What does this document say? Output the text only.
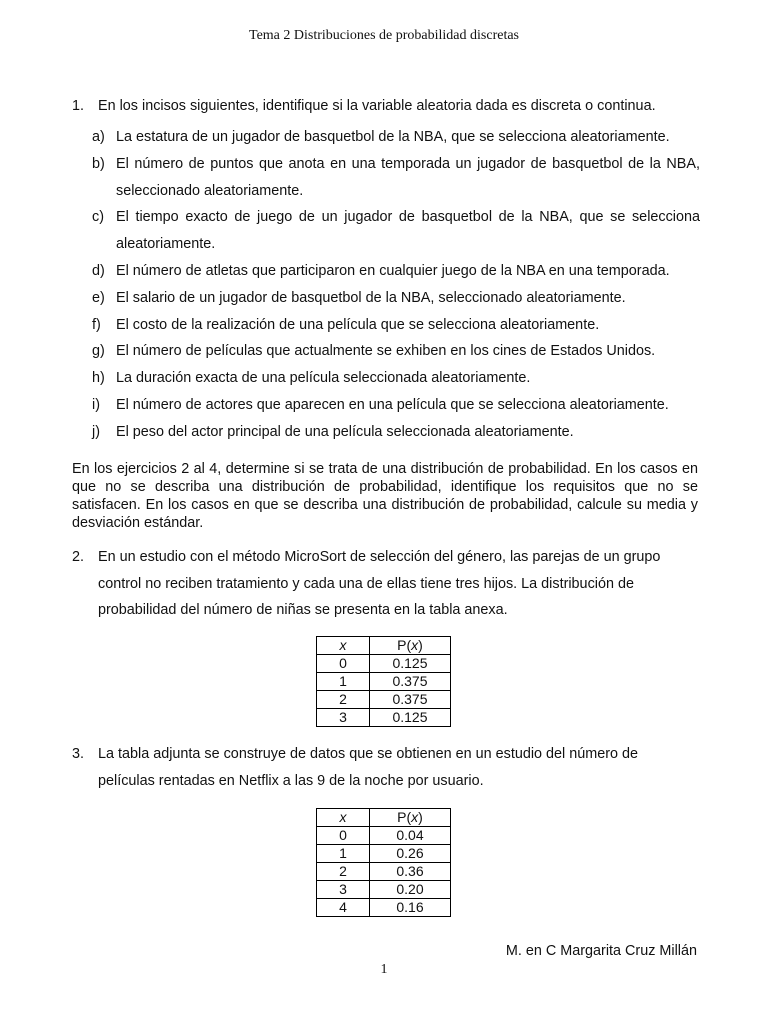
Tema 2 Distribuciones de probabilidad discretas
1. En los incisos siguientes, identifique si la variable aleatoria dada es discreta o continua.
a) La estatura de un jugador de basquetbol de la NBA, que se selecciona aleatoriamente.
b) El número de puntos que anota en una temporada un jugador de basquetbol de la NBA, seleccionado aleatoriamente.
c) El tiempo exacto de juego de un jugador de basquetbol de la NBA, que se selecciona aleatoriamente.
d) El número de atletas que participaron en cualquier juego de la NBA en una temporada.
e) El salario de un jugador de basquetbol de la NBA, seleccionado aleatoriamente.
f)	El costo de la realización de una película que se selecciona aleatoriamente.
g) El número de películas que actualmente se exhiben en los cines de Estados Unidos.
h) La duración exacta de una película seleccionada aleatoriamente.
i)	El número de actores que aparecen en una película que se selecciona aleatoriamente.
j)	El peso del actor principal de una película seleccionada aleatoriamente.
En los ejercicios 2 al 4, determine si se trata de una distribución de probabilidad. En los casos en que no se describa una distribución de probabilidad, identifique los requisitos que no se satisfacen. En los casos en que se describa una distribución de probabilidad, calcule su media y desviación estándar.
2. En un estudio con el método MicroSort de selección del género, las parejas de un grupo control no reciben tratamiento y cada una de ellas tiene tres hijos. La distribución de probabilidad del número de niñas se presenta en la tabla anexa.
x	P(x)
0	0.125
1	0.375
2	0.375
3	0.125
3. La tabla adjunta se construye de datos que se obtienen en un estudio del número de películas rentadas en Netflix a las 9 de la noche por usuario.
x	P(x)
0	0.04
1	0.26
2	0.36
3	0.20
4	0.16
M. en C Margarita Cruz Millán
1
